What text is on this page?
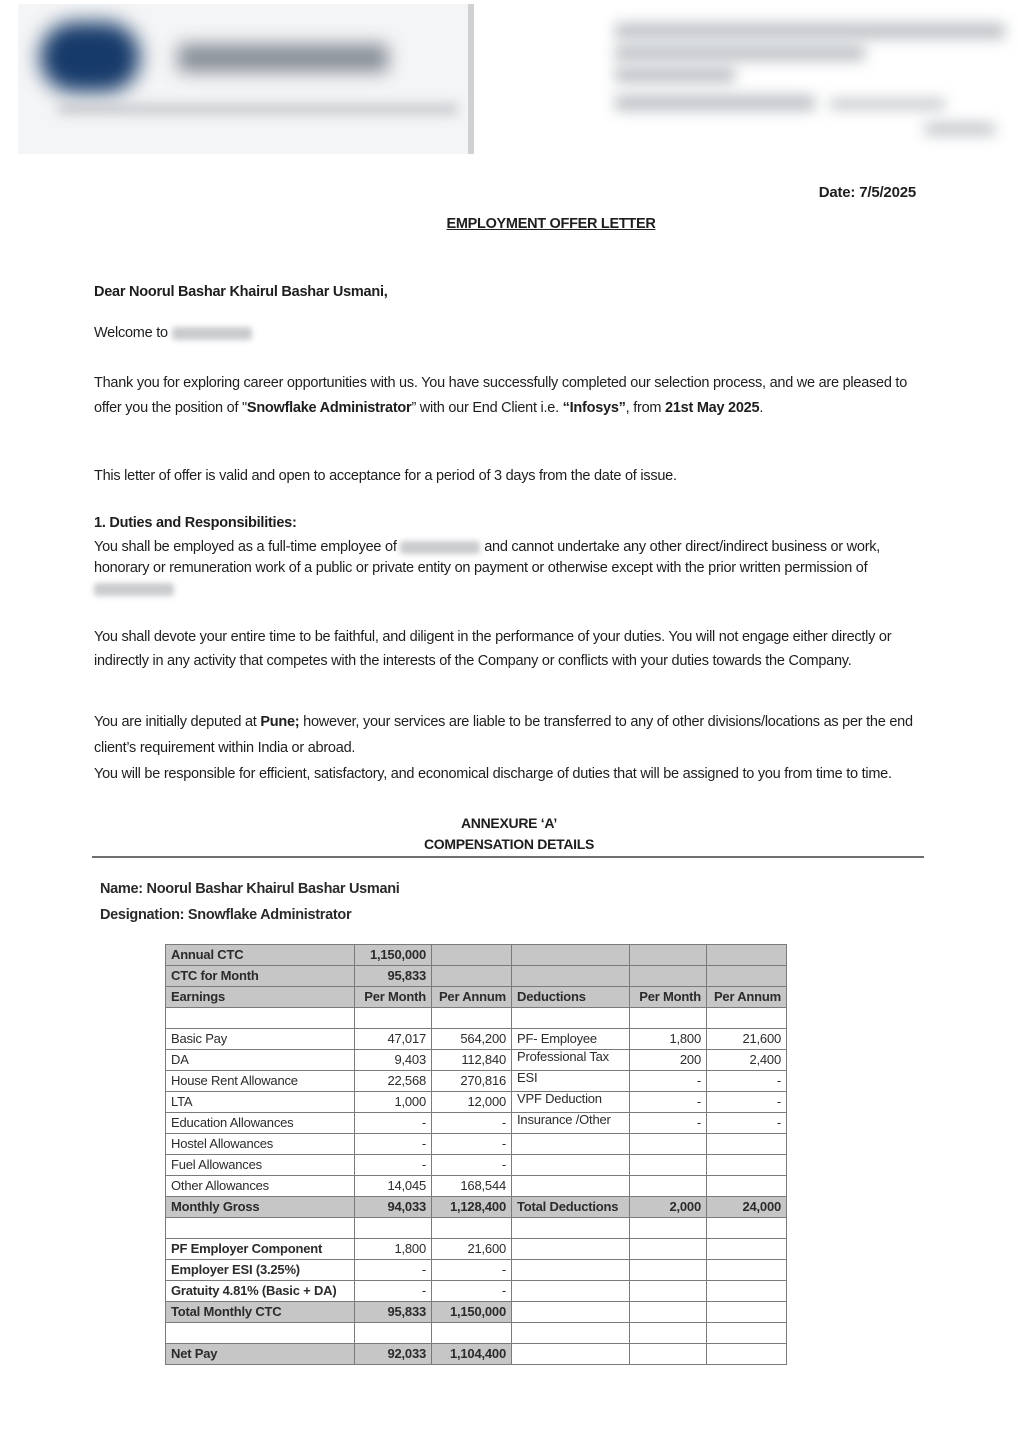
Date: 7/5/2025
EMPLOYMENT OFFER LETTER
Dear Noorul Bashar Khairul Bashar Usmani,
Welcome to
Thank you for exploring career opportunities with us. You have successfully completed our selection process, and we are pleased to offer you the position of "Snowflake Administrator” with our End Client i.e. “Infosys”, from 21st May 2025.
This letter of offer is valid and open to acceptance for a period of 3 days from the date of issue.
1. Duties and Responsibilities:
You shall be employed as a full-time employee of	and cannot undertake any other direct/indirect business or work, honorary or remuneration work of a public or private entity on payment or otherwise except with the prior written permission of
You shall devote your entire time to be faithful, and diligent in the performance of your duties. You will not engage either directly or indirectly in any activity that competes with the interests of the Company or conflicts with your duties towards the Company.
You are initially deputed at Pune; however, your services are liable to be transferred to any of other divisions/locations as per the end client’s requirement within India or abroad.
You will be responsible for efficient, satisfactory, and economical discharge of duties that will be assigned to you from time to time.
ANNEXURE ‘A’
COMPENSATION DETAILS
Name: Noorul Bashar Khairul Bashar Usmani
Designation: Snowflake Administrator
Annual CTC	1,150,000				
CTC for Month	95,833				
Earnings	Per Month	Per Annum	Deductions	Per Month	Per Annum

Basic Pay	47,017	564,200	PF- Employee	1,800	21,600
DA	9,403	112,840	Professional Tax	200	2,400
House Rent Allowance	22,568	270,816	ESI	-	-
LTA	1,000	12,000	VPF Deduction	-	-
Education Allowances	-	-	Insurance /Other	-	-
Hostel Allowances	-	-			
Fuel Allowances	-	-			
Other Allowances	14,045	168,544			
Monthly Gross	94,033	1,128,400	Total Deductions	2,000	24,000

PF Employer Component	1,800	21,600			
Employer ESI (3.25%)	-	-			
Gratuity 4.81% (Basic + DA)	-	-			
Total Monthly CTC	95,833	1,150,000			

Net Pay	92,033	1,104,400			
